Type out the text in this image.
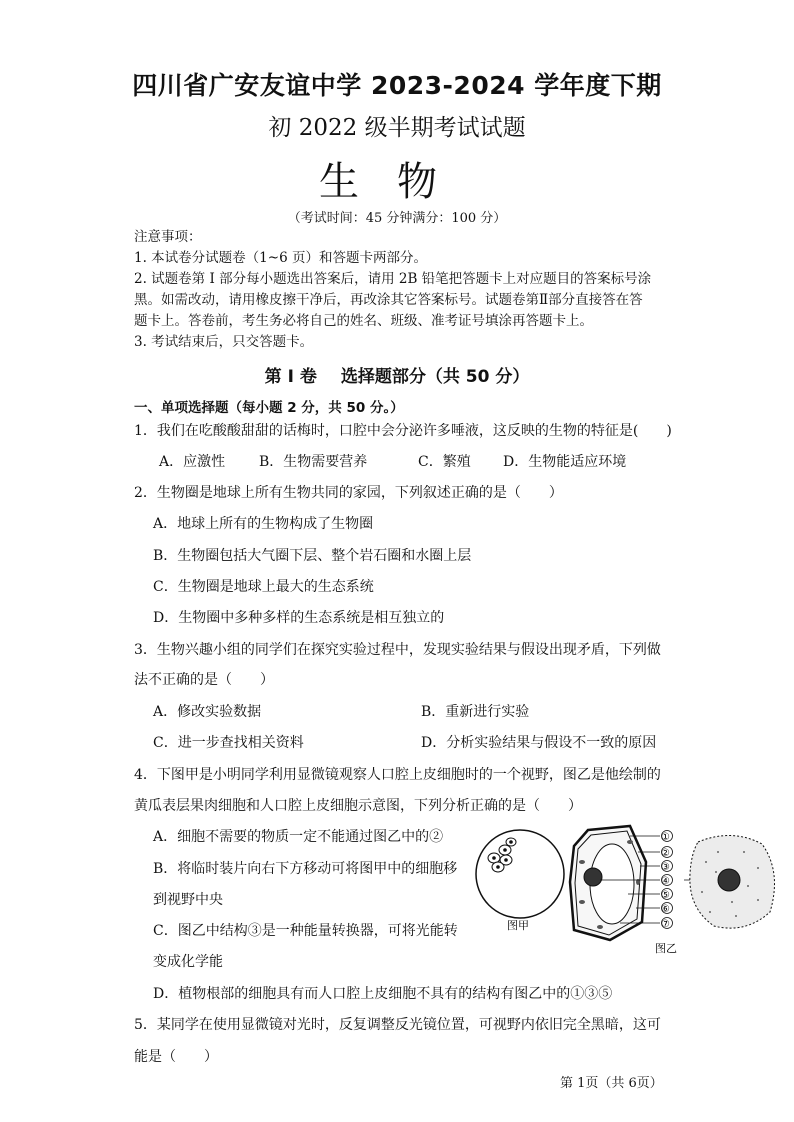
四川省广安友谊中学 2023-2024 学年度下期
初 2022 级半期考试试题
生物
（考试时间：45 分钟满分：100 分）
注意事项：
1. 本试卷分试题卷（1~6 页）和答题卡两部分。
2. 试题卷第 I 部分每小题选出答案后，请用 2B 铅笔把答题卡上对应题目的答案标号涂
黑。如需改动，请用橡皮擦干净后，再改涂其它答案标号。试题卷第Ⅱ部分直接答在答
题卡上。答卷前，考生务必将自己的姓名、班级、准考证号填涂再答题卡上。
3. 考试结束后，只交答题卡。
第 I 卷 选择题部分（共 50 分）
一、单项选择题（每小题 2 分，共 50 分。）
1．我们在吃酸酸甜甜的话梅时，口腔中会分泌许多唾液，这反映的生物的特征是(　　)
A．应激性 B．生物需要营养	C．繁殖 D．生物能适应环境
2．生物圈是地球上所有生物共同的家园，下列叙述正确的是（　　）
A．地球上所有的生物构成了生物圈
B．生物圈包括大气圈下层、整个岩石圈和水圈上层
C．生物圈是地球上最大的生态系统
D．生物圈中多种多样的生态系统是相互独立的
3．生物兴趣小组的同学们在探究实验过程中，发现实验结果与假设出现矛盾，下列做
法不正确的是（　　）
A．修改实验数据	B．重新进行实验
C．进一步查找相关资料	D．分析实验结果与假设不一致的原因
4．下图甲是小明同学利用显微镜观察人口腔上皮细胞时的一个视野，图乙是他绘制的
黄瓜表层果肉细胞和人口腔上皮细胞示意图，下列分析正确的是（　　）
A．细胞不需要的物质一定不能通过图乙中的②
B．将临时装片向右下方移动可将图甲中的细胞移
到视野中央
C．图乙中结构③是一种能量转换器，可将光能转
变成化学能
D．植物根部的细胞具有而人口腔上皮细胞不具有的结构有图乙中的①③⑤
图甲
①
②
③
④
⑤
⑥
⑦
图乙
5．某同学在使用显微镜对光时，反复调整反光镜位置，可视野内依旧完全黑暗，这可
能是（　　）
第 1页（共 6页）
